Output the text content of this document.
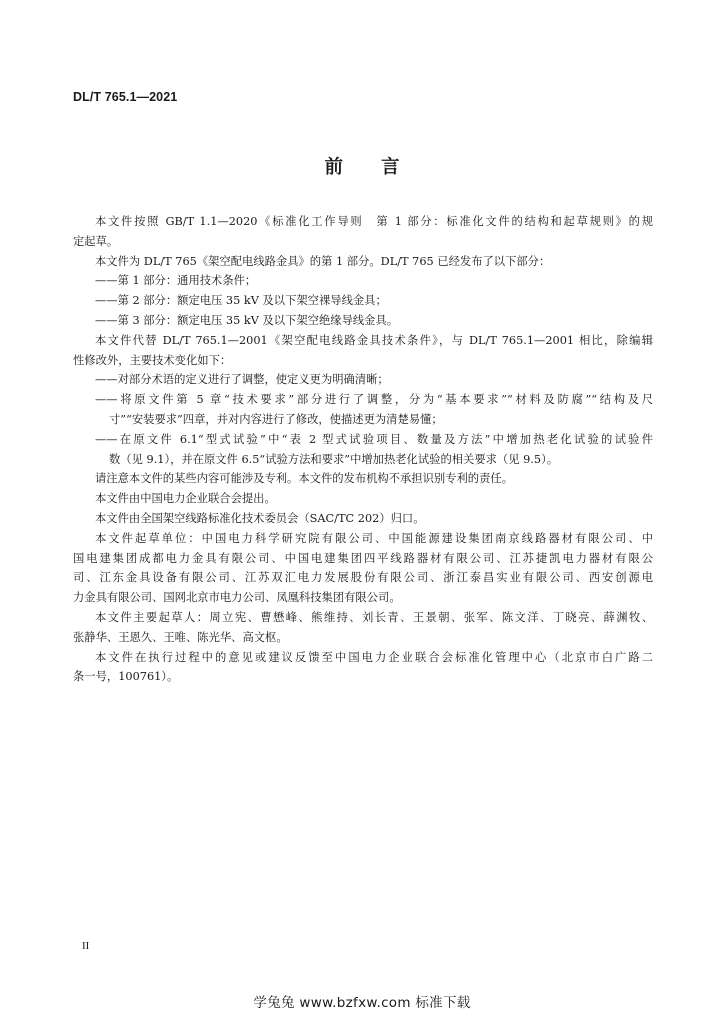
DL/T 765.1—2021
前 言
本文件按照 GB/T 1.1—2020《标准化工作导则　第 1 部分：标准化文件的结构和起草规则》的规
定起草。
本文件为 DL/T 765《架空配电线路金具》的第 1 部分。DL/T 765 已经发布了以下部分：
——第 1 部分：通用技术条件；
——第 2 部分：额定电压 35 kV 及以下架空裸导线金具；
——第 3 部分：额定电压 35 kV 及以下架空绝缘导线金具。
本文件代替 DL/T 765.1—2001《架空配电线路金具技术条件》，与 DL/T 765.1—2001 相比，除编辑
性修改外，主要技术变化如下：
——对部分术语的定义进行了调整，使定义更为明确清晰；
——将原文件第 5 章“技术要求”部分进行了调整，分为“基本要求”“材料及防腐”“结构及尺
寸”“安装要求”四章，并对内容进行了修改，使描述更为清楚易懂；
——在原文件 6.1“型式试验”中“表 2 型式试验项目、数量及方法”中增加热老化试验的试验件
数（见 9.1），并在原文件 6.5“试验方法和要求”中增加热老化试验的相关要求（见 9.5）。
请注意本文件的某些内容可能涉及专利。本文件的发布机构不承担识别专利的责任。
本文件由中国电力企业联合会提出。
本文件由全国架空线路标准化技术委员会（SAC/TC 202）归口。
本文件起草单位：中国电力科学研究院有限公司、中国能源建设集团南京线路器材有限公司、中
国电建集团成都电力金具有限公司、中国电建集团四平线路器材有限公司、江苏捷凯电力器材有限公
司、江东金具设备有限公司、江苏双汇电力发展股份有限公司、浙江泰昌实业有限公司、西安创源电
力金具有限公司、国网北京市电力公司、凤凰科技集团有限公司。
本文件主要起草人：周立宪、曹懋峰、熊维持、刘长青、王景朝、张军、陈文洋、丁晓亮、薛渊牧、
张静华、王恩久、王唯、陈光华、高文枢。
本文件在执行过程中的意见或建议反馈至中国电力企业联合会标准化管理中心（北京市白广路二
条一号，100761）。
II
学兔兔 www.bzfxw.com 标准下载
